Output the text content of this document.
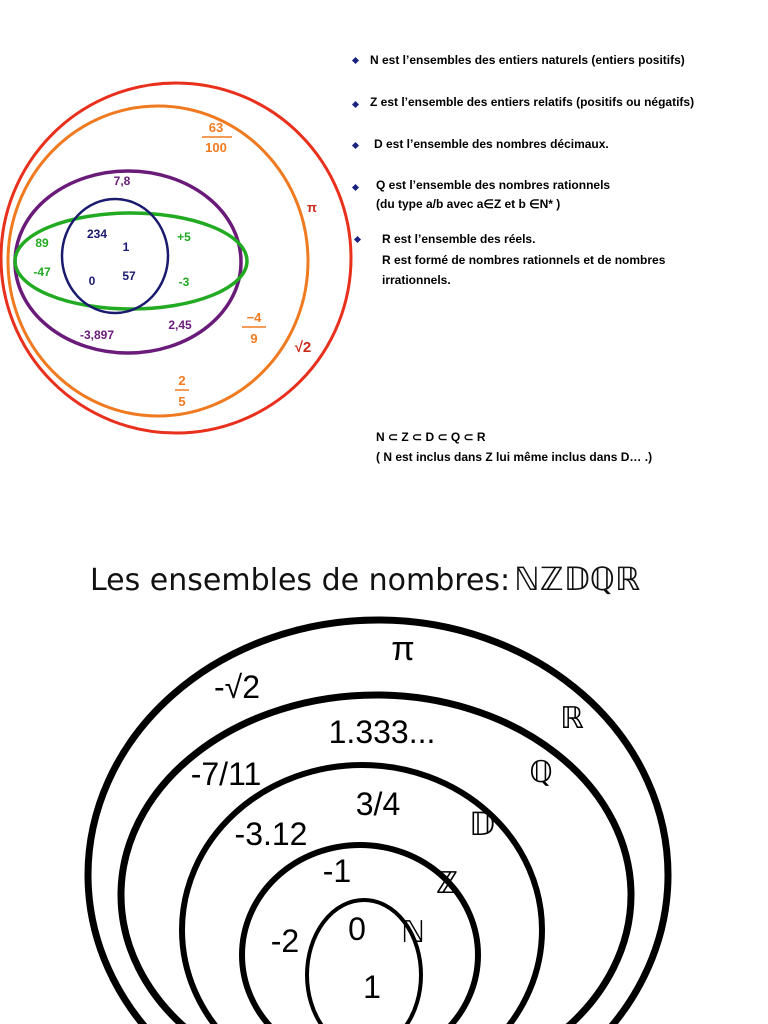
63
100
π
−4
9
√2
2
5
7,8
-3,897
2,45
89
-47
+5
-3
234
1
0 57
N est l’ensembles des entiers naturels (entiers positifs)
Z est l’ensemble des entiers relatifs (positifs ou négatifs)
D est l’ensemble des nombres décimaux.
Q est l’ensemble des nombres rationnels
(du type a/b avec a∈Z et b ∈N* )
R est l’ensemble des réels.
R est formé de nombres rationnels et de nombres
irrationnels.
N ⊂ Z ⊂ D ⊂ Q ⊂ R
( N est inclus dans Z lui même inclus dans D… .)
Les ensembles de nombres: ℕℤ𝔻ℚℝ
π
-√2
ℝ
1.333...
-7/11	ℚ
3/4
𝔻
-3.12
-1	ℤ
0 ℕ
-2
1
